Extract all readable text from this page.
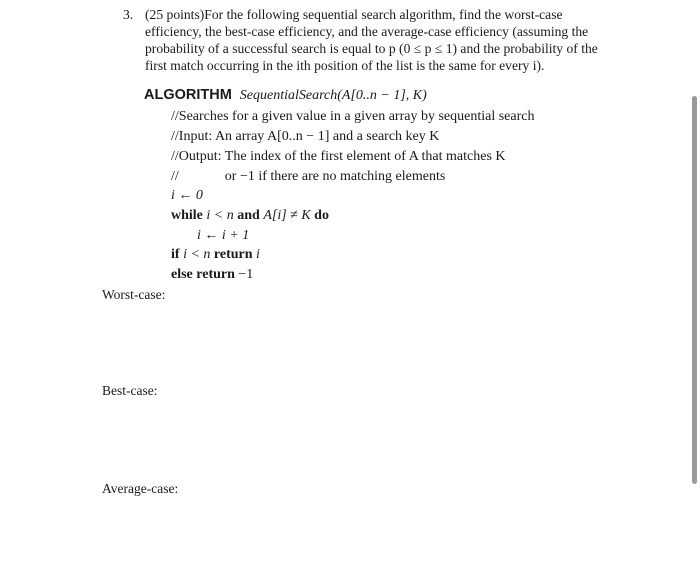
3. (25 points)For the following sequential search algorithm, find the worst-case efficiency, the best-case efficiency, and the average-case efficiency (assuming the probability of a successful search is equal to p (0 ≤ p ≤ 1) and the probability of the first match occurring in the ith position of the list is the same for every i).
ALGORITHM SequentialSearch(A[0..n − 1], K)
//Searches for a given value in a given array by sequential search
//Input: An array A[0..n − 1] and a search key K
//Output: The index of the first element of A that matches K
//	or −1 if there are no matching elements
i ← 0
while i < n and A[i] ≠ K do
i ← i + 1
if i < n return i
else return −1
Worst-case:
Best-case:
Average-case:
